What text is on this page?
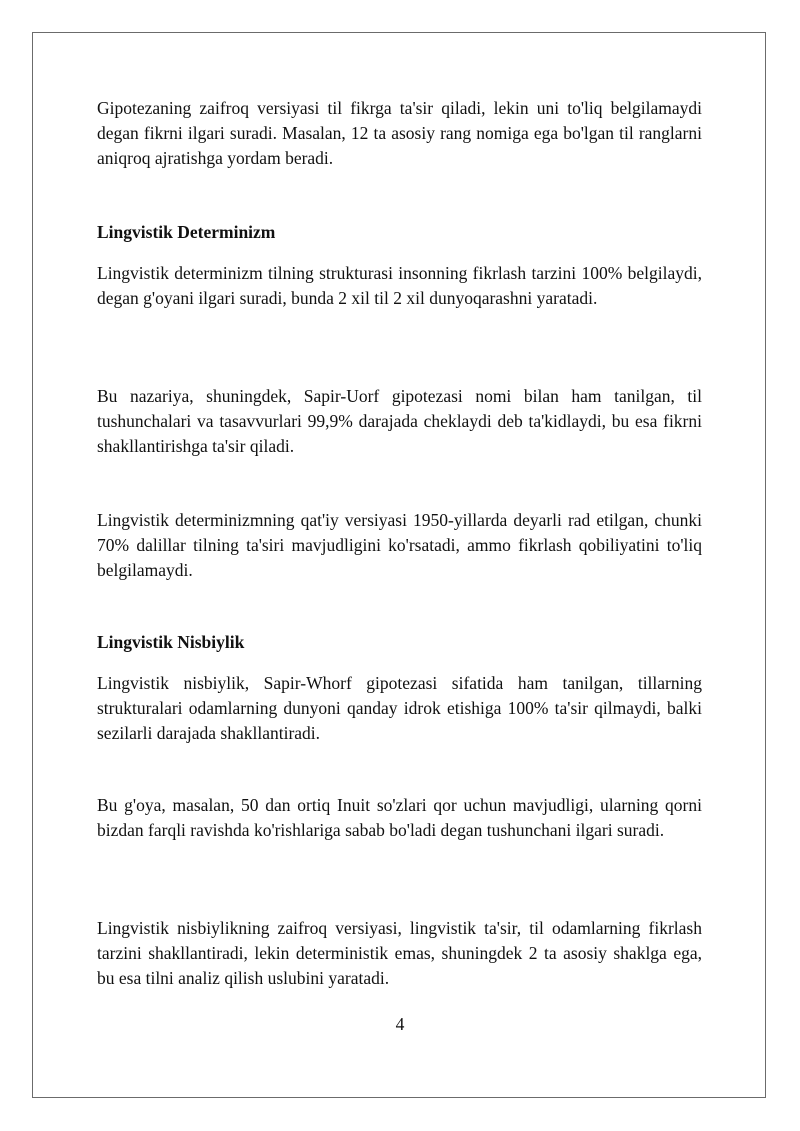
Gipotezaning zaifroq versiyasi til fikrga ta'sir qiladi, lekin uni to'liq belgilamaydi degan fikrni ilgari suradi. Masalan, 12 ta asosiy rang nomiga ega bo'lgan til ranglarni aniqroq ajratishga yordam beradi.

Lingvistik Determinizm

Lingvistik determinizm tilning strukturasi insonning fikrlash tarzini 100% belgilaydi, degan g'oyani ilgari suradi, bunda 2 xil til 2 xil dunyoqarashni yaratadi.

Bu nazariya, shuningdek, Sapir-Uorf gipotezasi nomi bilan ham tanilgan, til tushunchalari va tasavvurlari 99,9% darajada cheklaydi deb ta'kidlaydi, bu esa fikrni shakllantirishga ta'sir qiladi.

Lingvistik determinizmning qat'iy versiyasi 1950-yillarda deyarli rad etilgan, chunki 70% dalillar tilning ta'siri mavjudligini ko'rsatadi, ammo fikrlash qobiliyatini to'liq belgilamaydi.

Lingvistik Nisbiylik

Lingvistik nisbiylik, Sapir-Whorf gipotezasi sifatida ham tanilgan, tillarning strukturalari odamlarning dunyoni qanday idrok etishiga 100% ta'sir qilmaydi, balki sezilarli darajada shakllantiradi.

Bu g'oya, masalan, 50 dan ortiq Inuit so'zlari qor uchun mavjudligi, ularning qorni bizdan farqli ravishda ko'rishlariga sabab bo'ladi degan tushunchani ilgari suradi.

Lingvistik nisbiylikning zaifroq versiyasi, lingvistik ta'sir, til odamlarning fikrlash tarzini shakllantiradi, lekin deterministik emas, shuningdek 2 ta asosiy shaklga ega, bu esa tilni analiz qilish uslubini yaratadi.

4
